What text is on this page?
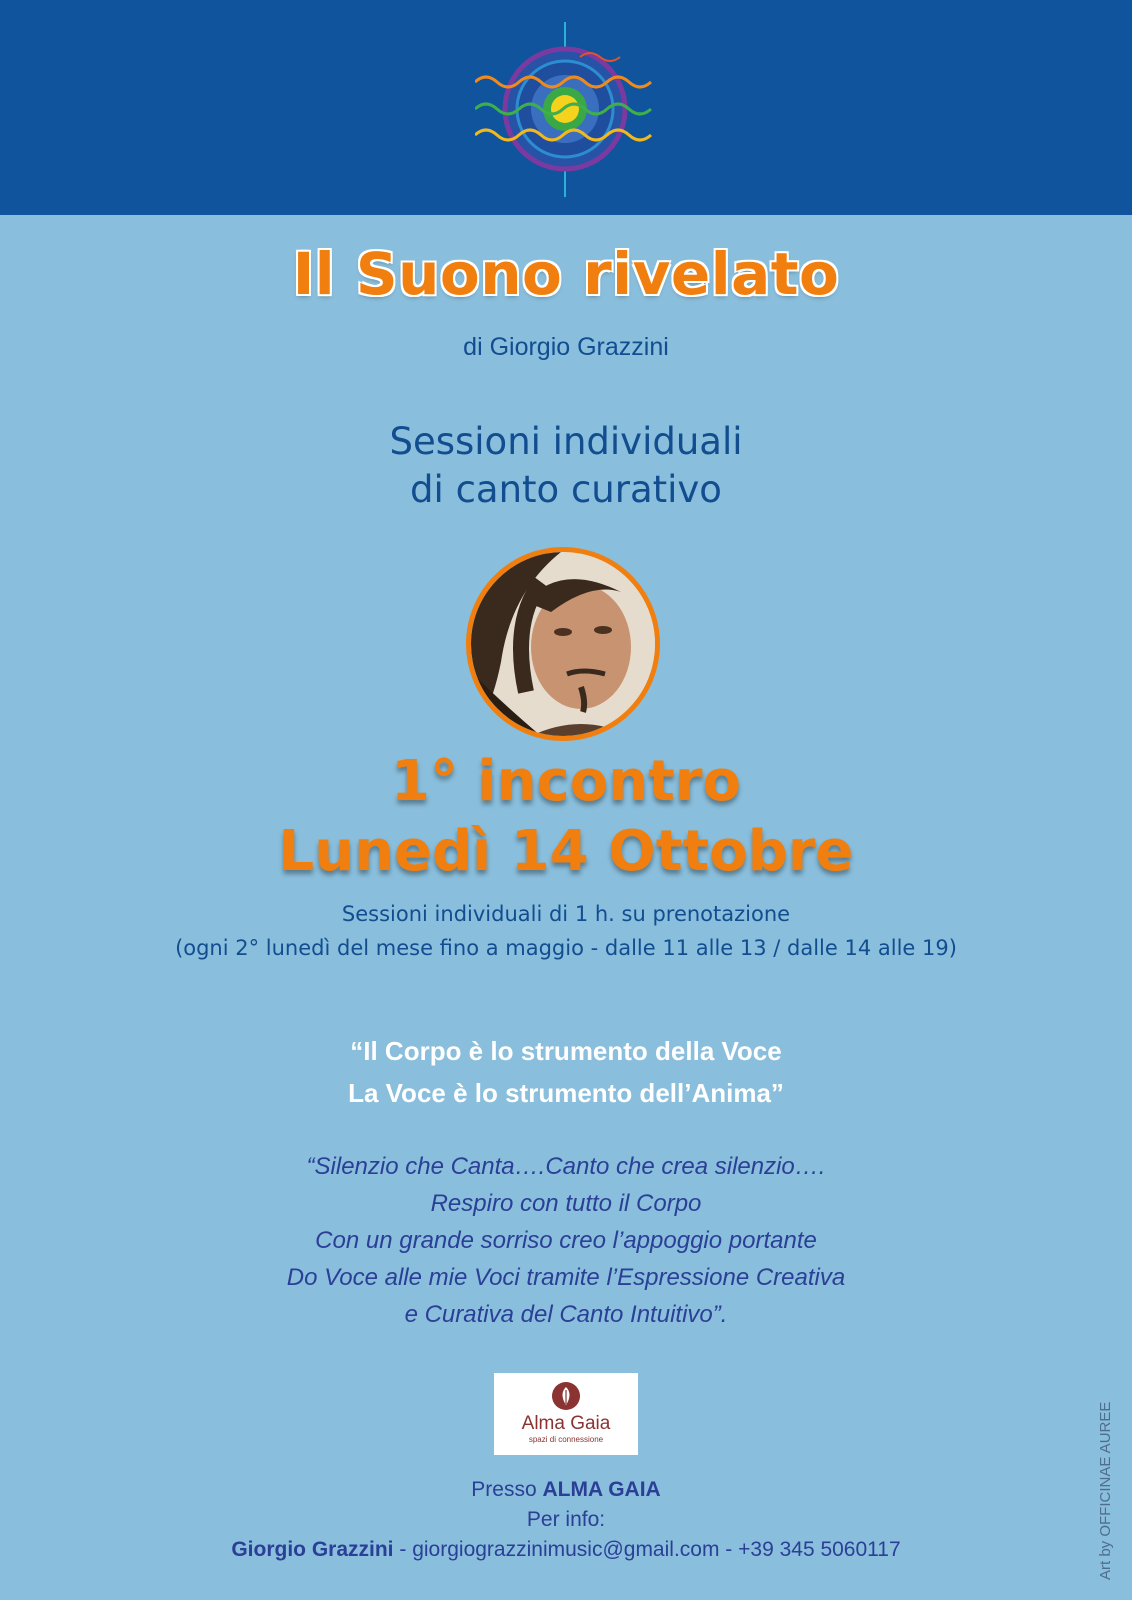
Il Suono rivelato
di Giorgio Grazzini
Sessioni individuali
di canto curativo
1° incontro
Lunedì 14 Ottobre
Sessioni individuali di 1 h. su prenotazione
(ogni 2° lunedì del mese fino a maggio - dalle 11 alle 13 / dalle 14 alle 19)
“Il Corpo è lo strumento della Voce
La Voce è lo strumento dell’Anima”
“Silenzio che Canta….Canto che crea silenzio….
Respiro con tutto il Corpo
Con un grande sorriso creo l’appoggio portante
Do Voce alle mie Voci tramite l’Espressione Creativa
e Curativa del Canto Intuitivo”.
Alma Gaia
spazi di connessione
Presso ALMA GAIA
Per info:
Giorgio Grazzini - giorgiograzzinimusic@gmail.com - +39 345 5060117	Art by OFFICINAE AUREE
